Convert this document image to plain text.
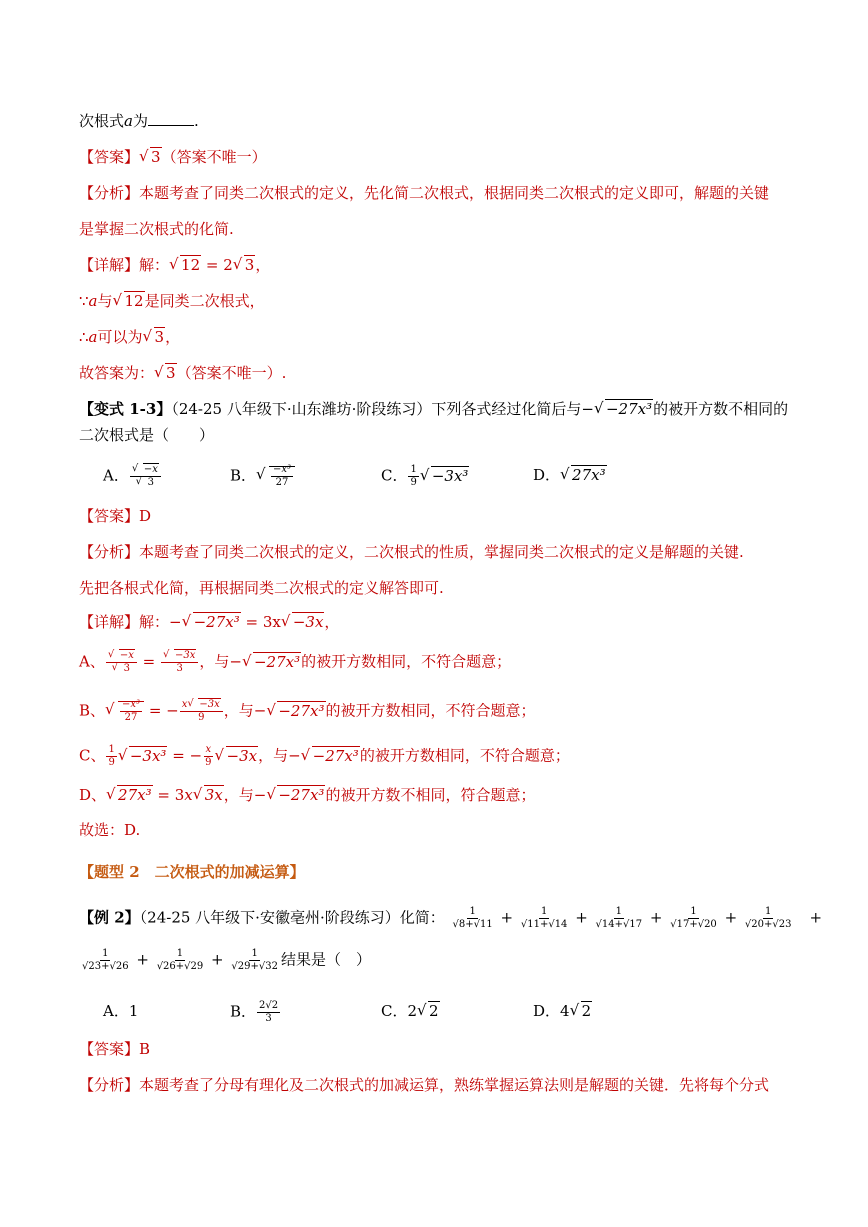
次根式a为	.
【答案】 √ 3（答案不唯一）
【分析】本题考查了同类二次根式的定义，先化简二次根式，根据同类二次根式的定义即可，解题的关键
是掌握二次根式的化简.
【详解】解： √ 12 = 2 √ 3，
∵a与 √ 12是同类二次根式，
∴a可以为 √ 3，
故答案为： √ 3（答案不唯一）.
【变式 1-3】（24-25 八年级下·山东潍坊·阶段练习）下列各式经过化简后与− √ −27x³的被开方数不相同的
二次根式是（　　）
A． √ −x
√ 3	B． √ $\frac{\text{−x³}}{27}$	C． $\frac{1}{9}$ √ −3x³	D． √ 27x³
【答案】D
【分析】本题考查了同类二次根式的定义，二次根式的性质，掌握同类二次根式的定义是解题的关键.
先把各根式化简，再根据同类二次根式的定义解答即可.
【详解】解：− √ −27x³ = 3x √ −3x，
A、 √ −x
√ 3 = √ $\frac{-3x}{3}$ ，与− √ −27x³的被开方数相同，不符合题意；
B、 √ $\frac{\text{−x³}}{27}$ = − $\frac{x √ -3x}{9}$ ，与− √ −27x³的被开方数相同，不符合题意；
C、 $\frac{1}{9}$ √ −3x³ = − $\frac{x}{9}$ √ −3x，与− √ −27x³的被开方数相同，不符合题意；
D、 √ 27x³ = 3x √ 3x，与− √ −27x³的被开方数不相同，符合题意；
故选：D.
【题型 2　二次根式的加减运算】
【例 2】（24-25 八年级下·安徽亳州·阶段练习）化简： $\frac{1}{√8+√11} + \frac{1}{√11+√14} + \frac{1}{√14+√17} + \frac{1}{√17+√20} + \frac{1}{√20+√23}$ 　+
$\frac{1}{√23+√26} + \frac{1}{√26+√29} + \frac{1}{√29+√32}$ 结果是（　）
A．1	B． $\frac{2√2}{3}$	C．2 √ 2	D．4 √ 2
【答案】B
【分析】本题考查了分母有理化及二次根式的加减运算，熟练掌握运算法则是解题的关键．先将每个分式
